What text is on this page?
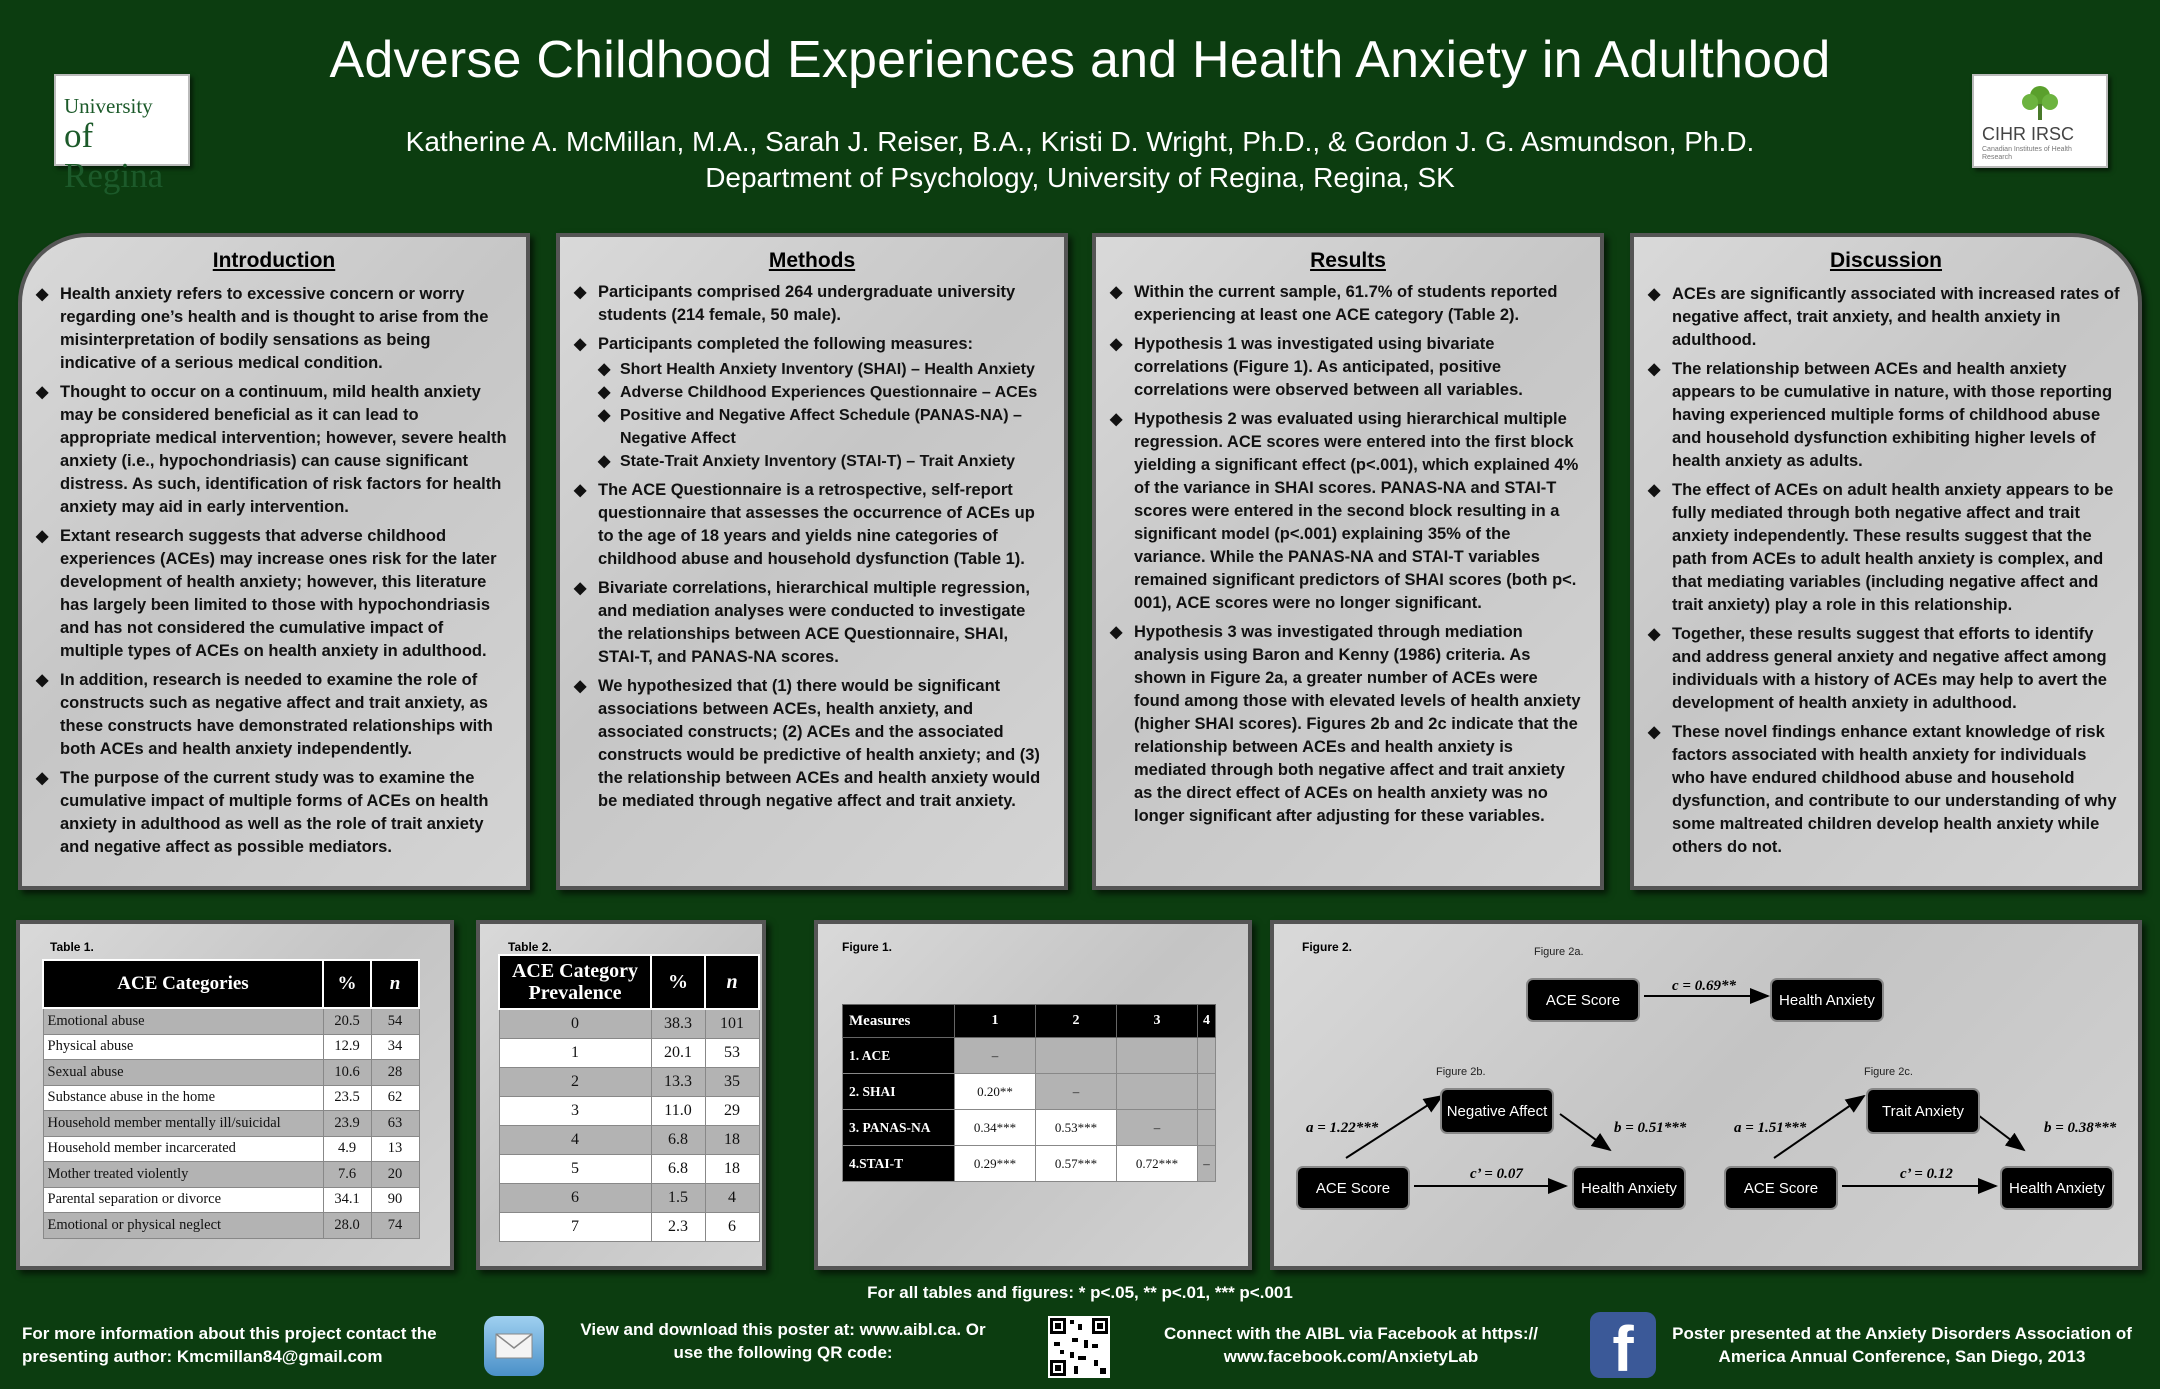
Adverse Childhood Experiences and Health Anxiety in Adulthood
Katherine A. McMillan, M.A., Sarah J. Reiser, B.A., Kristi D. Wright, Ph.D., & Gordon J. G. Asmundson, Ph.D.
Department of Psychology, University of Regina, Regina, SK
University
of Regina
CIHR IRSC
Canadian Institutes of Health Research
Introduction
◆ Health anxiety refers to excessive concern or worry regarding one’s health and is thought to arise from the misinterpretation of bodily sensations as being indicative of a serious medical condition.
◆ Thought to occur on a continuum, mild health anxiety may be considered beneficial as it can lead to appropriate medical intervention; however, severe health anxiety (i.e., hypochondriasis) can cause significant distress. As such, identification of risk factors for health anxiety may aid in early intervention.
◆ Extant research suggests that adverse childhood experiences (ACEs) may increase ones risk for the later development of health anxiety; however, this literature has largely been limited to those with hypochondriasis and has not considered the cumulative impact of multiple types of ACEs on health anxiety in adulthood.
◆ In addition, research is needed to examine the role of constructs such as negative affect and trait anxiety, as these constructs have demonstrated relationships with both ACEs and health anxiety independently.
◆ The purpose of the current study was to examine the cumulative impact of multiple forms of ACEs on health anxiety in adulthood as well as the role of trait anxiety and negative affect as possible mediators.
Methods
◆ Participants comprised 264 undergraduate university students (214 female, 50 male).
◆ Participants completed the following measures:
◆ Short Health Anxiety Inventory (SHAI) – Health Anxiety
◆ Adverse Childhood Experiences Questionnaire – ACEs
◆ Positive and Negative Affect Schedule (PANAS-NA) – Negative Affect
◆ State-Trait Anxiety Inventory (STAI-T) – Trait Anxiety
◆ The ACE Questionnaire is a retrospective, self-report questionnaire that assesses the occurrence of ACEs up to the age of 18 years and yields nine categories of childhood abuse and household dysfunction (Table 1).
◆ Bivariate correlations, hierarchical multiple regression, and mediation analyses were conducted to investigate the relationships between ACE Questionnaire, SHAI, STAI-T, and PANAS-NA scores.
◆ We hypothesized that (1) there would be significant associations between ACEs, health anxiety, and associated constructs; (2) ACEs and the associated constructs would be predictive of health anxiety; and (3) the relationship between ACEs and health anxiety would be mediated through negative affect and trait anxiety.
Results
◆ Within the current sample, 61.7% of students reported experiencing at least one ACE category (Table 2).
◆ Hypothesis 1 was investigated using bivariate correlations (Figure 1). As anticipated, positive correlations were observed between all variables.
◆ Hypothesis 2 was evaluated using hierarchical multiple regression. ACE scores were entered into the first block yielding a significant effect (p<.001), which explained 4% of the variance in SHAI scores. PANAS-NA and STAI-T scores were entered in the second block resulting in a significant model (p<.001) explaining 35% of the variance. While the PANAS-NA and STAI-T variables remained significant predictors of SHAI scores (both p<. 001), ACE scores were no longer significant.
◆ Hypothesis 3 was investigated through mediation analysis using Baron and Kenny (1986) criteria. As shown in Figure 2a, a greater number of ACEs were found among those with elevated levels of health anxiety (higher SHAI scores). Figures 2b and 2c indicate that the relationship between ACEs and health anxiety is mediated through both negative affect and trait anxiety as the direct effect of ACEs on health anxiety was no longer significant after adjusting for these variables.
Discussion
◆ ACEs are significantly associated with increased rates of negative affect, trait anxiety, and health anxiety in adulthood.
◆ The relationship between ACEs and health anxiety appears to be cumulative in nature, with those reporting having experienced multiple forms of childhood abuse and household dysfunction exhibiting higher levels of health anxiety as adults.
◆ The effect of ACEs on adult health anxiety appears to be fully mediated through both negative affect and trait anxiety independently. These results suggest that the path from ACEs to adult health anxiety is complex, and that mediating variables (including negative affect and trait anxiety) play a role in this relationship.
◆ Together, these results suggest that efforts to identify and address general anxiety and negative affect among individuals with a history of ACEs may help to avert the development of health anxiety in adulthood.
◆ These novel findings enhance extant knowledge of risk factors associated with health anxiety for individuals who have endured childhood abuse and household dysfunction, and contribute to our understanding of why some maltreated children develop health anxiety while others do not.
Table 1.
ACE Categories	%	n
Emotional abuse	20.5	54
Physical abuse	12.9	34
Sexual abuse	10.6	28
Substance abuse in the home	23.5	62
Household member mentally ill/suicidal	23.9	63
Household member incarcerated	4.9	13
Mother treated violently	7.6	20
Parental separation or divorce	34.1	90
Emotional or physical neglect	28.0	74
Table 2.
ACE Category Prevalence	%	n
0	38.3	101
1	20.1	53
2	13.3	35
3	11.0	29
4	6.8	18
5	6.8	18
6	1.5	4
7	2.3	6
Figure 1.
Measures	1	2	3	4
1. ACE	–			
2. SHAI	0.20**	–		
3. PANAS-NA	0.34***	0.53***	–	
4.STAI-T	0.29***	0.57***	0.72***	–
Figure 2.	Figure 2a.
Figure 2b.	Figure 2c.
ACE Score	Health Anxiety
c = 0.69**
Negative Affect
ACE Score	Health Anxiety
a = 1.22***	b = 0.51***
c’ = 0.07
Trait Anxiety
ACE Score	Health Anxiety
a = 1.51***	b = 0.38***
c’ = 0.12
For all tables and figures: * p<.05, ** p<.01, *** p<.001
For more information about this project contact the presenting author: Kmcmillan84@gmail.com
View and download this poster at: www.aibl.ca. Or use the following QR code:
Connect with the AIBL via Facebook at https:// www.facebook.com/AnxietyLab	f	Poster presented at the Anxiety Disorders Association of America Annual Conference, San Diego, 2013
